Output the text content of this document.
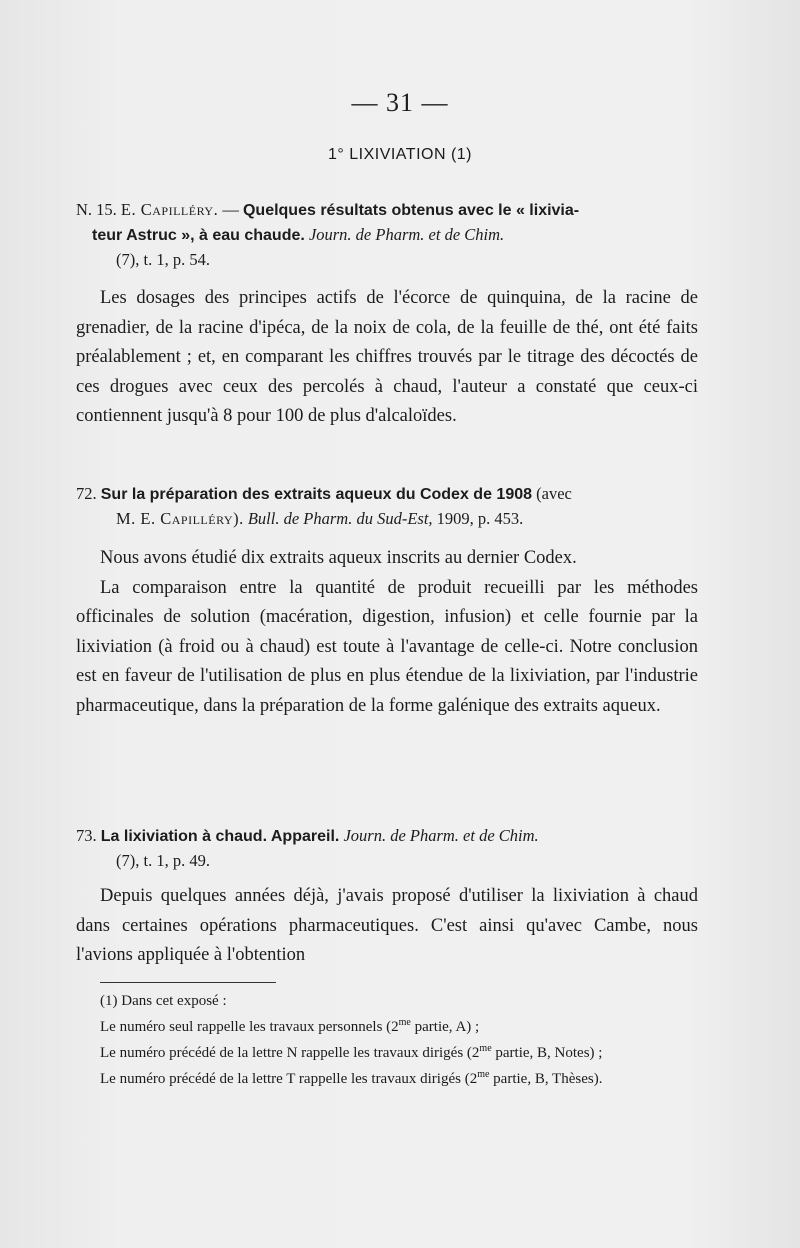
— 31 —
1° LIXIVIATION (1)
N. 15. E. Capilléry. — Quelques résultats obtenus avec le « lixivia-
teur Astruc », à eau chaude. Journ. de Pharm. et de Chim.
(7), t. 1, p. 54.

Les dosages des principes actifs de l'écorce de quinquina, de la racine de grenadier, de la racine d'ipéca, de la noix de cola, de la feuille de thé, ont été faits préalablement ; et, en comparant les chiffres trouvés par le titrage des décoctés de ces drogues avec ceux des percolés à chaud, l'auteur a constaté que ceux-ci contiennent jusqu'à 8 pour 100 de plus d'alcaloïdes.

72. Sur la préparation des extraits aqueux du Codex de 1908 (avec
M. E. Capilléry). Bull. de Pharm. du Sud-Est, 1909, p. 453.

Nous avons étudié dix extraits aqueux inscrits au dernier Codex.

La comparaison entre la quantité de produit recueilli par les méthodes officinales de solution (macération, digestion, infusion) et celle fournie par la lixiviation (à froid ou à chaud) est toute à l'avantage de celle-ci. Notre conclusion est en faveur de l'utilisation de plus en plus étendue de la lixiviation, par l'industrie pharmaceutique, dans la préparation de la forme galénique des extraits aqueux.

73. La lixiviation à chaud. Appareil. Journ. de Pharm. et de Chim.
(7), t. 1, p. 49.

Depuis quelques années déjà, j'avais proposé d'utiliser la lixiviation à chaud dans certaines opérations pharmaceutiques. C'est ainsi qu'avec Cambe, nous l'avions appliquée à l'obtention

(1) Dans cet exposé :

Le numéro seul rappelle les travaux personnels ($2^{me}$ partie, A) ;

Le numéro précédé de la lettre N rappelle les travaux dirigés ($2^{me}$ partie, B, Notes) ;

Le numéro précédé de la lettre T rappelle les travaux dirigés ($2^{me}$ partie, B, Thèses).
